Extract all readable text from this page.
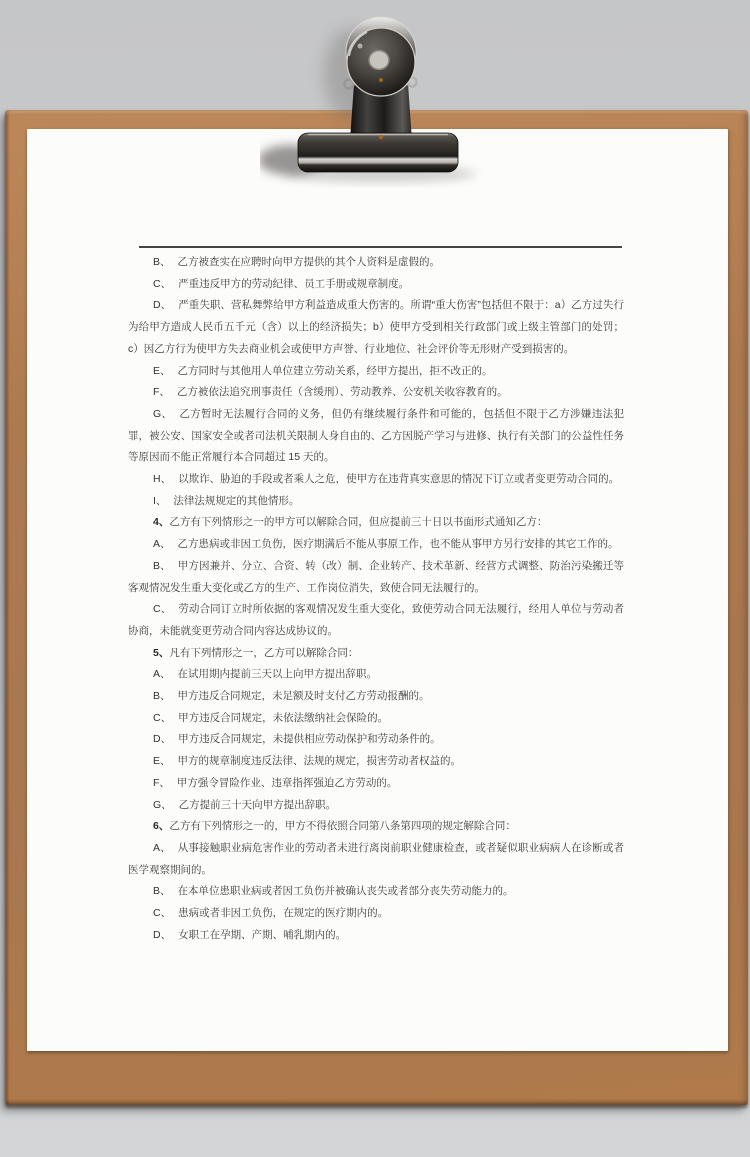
B、 乙方被查实在应聘时向甲方提供的其个人资料是虚假的。

C、 严重违反甲方的劳动纪律、员工手册或规章制度。

D、 严重失职、营私舞弊给甲方利益造成重大伤害的。所谓“重大伤害”包括但不限于：a）乙方过失行为给甲方造成人民币五千元（含）以上的经济损失；b）使甲方受到相关行政部门或上级主管部门的处罚；c）因乙方行为使甲方失去商业机会或使甲方声誉、行业地位、社会评价等无形财产受到损害的。

E、 乙方同时与其他用人单位建立劳动关系，经甲方提出，拒不改正的。

F、 乙方被依法追究刑事责任（含缓刑）、劳动教养、公安机关收容教育的。

G、 乙方暂时无法履行合同的义务，但仍有继续履行条件和可能的，包括但不限于乙方涉嫌违法犯罪，被公安、国家安全或者司法机关限制人身自由的、乙方因脱产学习与进修、执行有关部门的公益性任务等原因而不能正常履行本合同超过 15 天的。

H、 以欺诈、胁迫的手段或者乘人之危，使甲方在违背真实意思的情况下订立或者变更劳动合同的。

I、 法律法规规定的其他情形。

4、乙方有下列情形之一的甲方可以解除合同，但应提前三十日以书面形式通知乙方：

A、 乙方患病或非因工负伤，医疗期满后不能从事原工作，也不能从事甲方另行安排的其它工作的。

B、 甲方因兼并、分立、合资、转（改）制、企业转产、技术革新、经营方式调整、防治污染搬迁等客观情况发生重大变化或乙方的生产、工作岗位消失，致使合同无法履行的。

C、 劳动合同订立时所依据的客观情况发生重大变化，致使劳动合同无法履行，经用人单位与劳动者协商，未能就变更劳动合同内容达成协议的。

5、凡有下列情形之一，乙方可以解除合同：

A、 在试用期内提前三天以上向甲方提出辞职。

B、 甲方违反合同规定，未足额及时支付乙方劳动报酬的。

C、 甲方违反合同规定，未依法缴纳社会保险的。

D、 甲方违反合同规定，未提供相应劳动保护和劳动条件的。

E、 甲方的规章制度违反法律、法规的规定，损害劳动者权益的。

F、 甲方强令冒险作业、违章指挥强迫乙方劳动的。

G、 乙方提前三十天向甲方提出辞职。

6、乙方有下列情形之一的，甲方不得依照合同第八条第四项的规定解除合同：

A、 从事接触职业病危害作业的劳动者未进行离岗前职业健康检查，或者疑似职业病病人在诊断或者医学观察期间的。

B、 在本单位患职业病或者因工负伤并被确认丧失或者部分丧失劳动能力的。

C、 患病或者非因工负伤，在规定的医疗期内的。

D、 女职工在孕期、产期、哺乳期内的。
